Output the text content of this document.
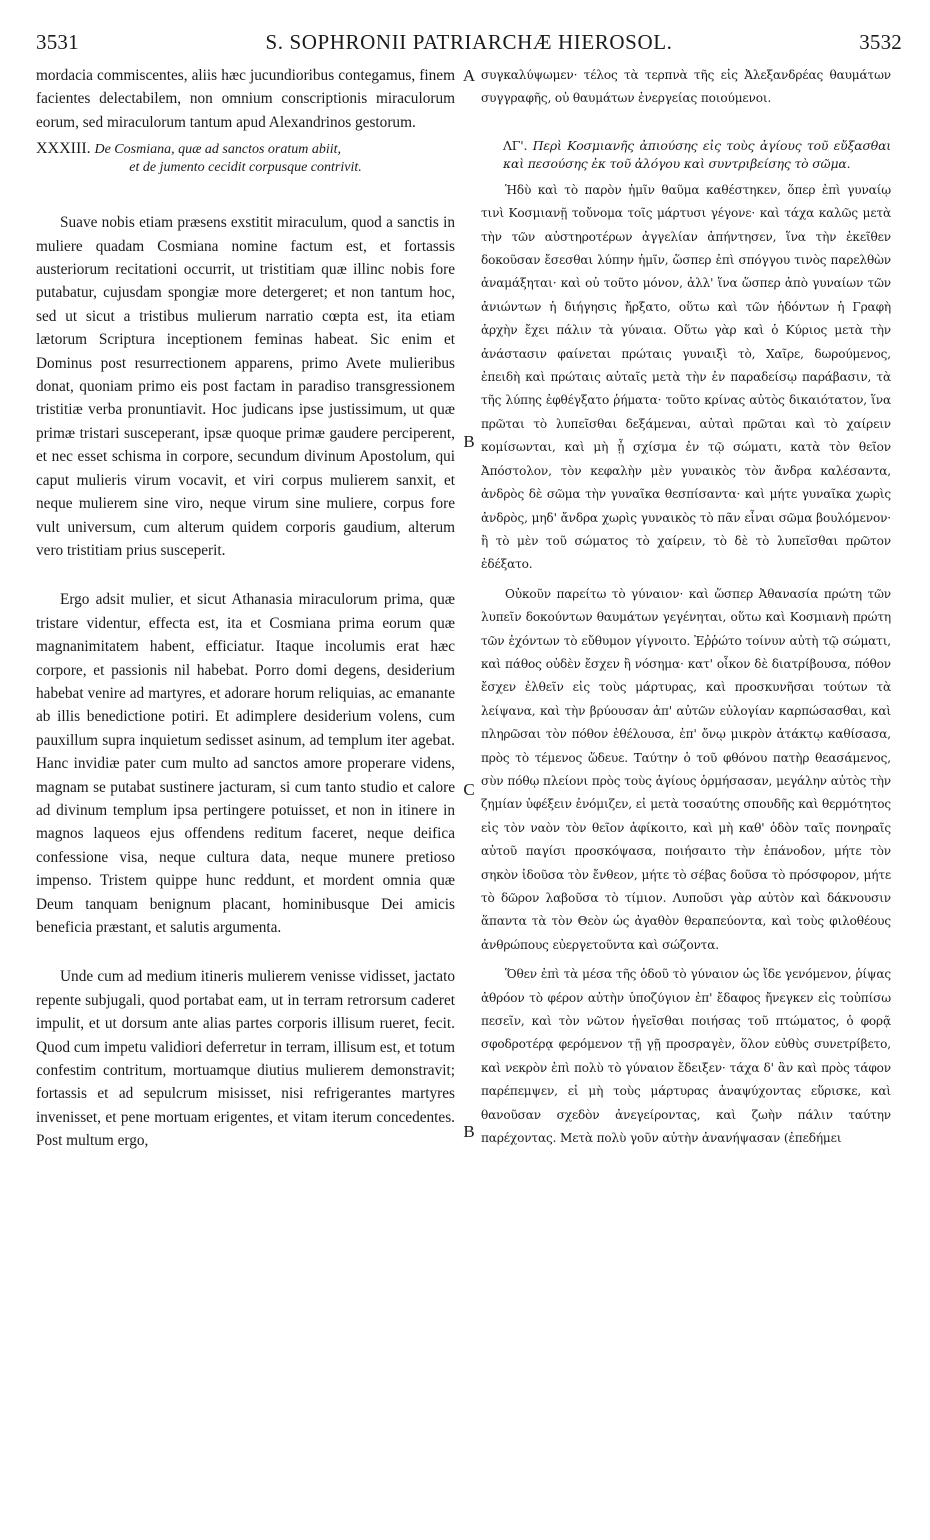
3531	S. SOPHRONII PATRIARCHÆ HIEROSOL.	3532
A
B
C
B

mordacia commiscentes, aliis hæc jucundioribus contegamus, finem facientes delectabilem, non omnium conscriptionis miraculorum eorum, sed miraculorum tantum apud Alexandrinos gestorum.

XXXIII. De Cosmiana, quæ ad sanctos oratum abiit,
et de jumento cecidit corpusque contrivit.

Suave nobis etiam præsens exstitit miraculum, quod a sanctis in muliere quadam Cosmiana nomine factum est, et fortassis austeriorum recitationi occurrit, ut tristitiam quæ illinc nobis fore putabatur, cujusdam spongiæ more detergeret; et non tantum hoc, sed ut sicut a tristibus mulierum narratio cœpta est, ita etiam lætorum Scriptura inceptionem feminas habeat. Sic enim et Dominus post resurrectionem apparens, primo Avete mulieribus donat, quoniam primo eis post factam in paradiso transgressionem tristitiæ verba pronuntiavit. Hoc judicans ipse justissimum, ut quæ primæ tristari susceperant, ipsæ quoque primæ gaudere perciperent, et nec esset schisma in corpore, secundum divinum Apostolum, qui caput mulieris virum vocavit, et viri corpus mulierem sanxit, et neque mulierem sine viro, neque virum sine muliere, corpus fore vult universum, cum alterum quidem corporis gaudium, alterum vero tristitiam prius susceperit.

Ergo adsit mulier, et sicut Athanasia miraculorum prima, quæ tristare videntur, effecta est, ita et Cosmiana prima eorum quæ magnanimitatem habent, efficiatur. Itaque incolumis erat hæc corpore, et passionis nil habebat. Porro domi degens, desiderium habebat venire ad martyres, et adorare horum reliquias, ac emanante ab illis benedictione potiri. Et adimplere desiderium volens, cum pauxillum supra inquietum sedisset asinum, ad templum iter agebat. Hanc invidiæ pater cum multo ad sanctos amore properare videns, magnam se putabat sustinere jacturam, si cum tanto studio et calore ad divinum templum ipsa pertingere potuisset, et non in itinere in magnos laqueos ejus offendens reditum faceret, neque deifica confessione visa, neque cultura data, neque munere pretioso impenso. Tristem quippe hunc reddunt, et mordent omnia quæ Deum tanquam benignum placant, hominibusque Dei amicis beneficia præstant, et salutis argumenta.

Unde cum ad medium itineris mulierem venisse vidisset, jactato repente subjugali, quod portabat eam, ut in terram retrorsum caderet impulit, et ut dorsum ante alias partes corporis illisum rueret, fecit. Quod cum impetu validiori deferretur in terram, illisum est, et totum confestim contritum, mortuamque diutius mulierem demonstravit; fortassis et ad sepulcrum misisset, nisi refrigerantes martyres invenisset, et pene mortuam erigentes, et vitam iterum concedentes. Post multum ergo,

συγκαλύψωμεν· τέλος τὰ τερπνὰ τῆς εἰς Ἀλεξανδρέας θαυμάτων συγγραφῆς, οὐ θαυμάτων ἐνεργείας ποιούμενοι.

ΛΓ'. Περὶ Κοσμιανῆς ἀπιούσης εἰς τοὺς ἁγίους τοῦ εὔξασθαι καὶ πεσούσης ἐκ τοῦ ἀλόγου καὶ συντριβείσης τὸ σῶμα.

Ἡδὺ καὶ τὸ παρὸν ἡμῖν θαῦμα καθέστηκεν, ὅπερ ἐπὶ γυναίῳ τινὶ Κοσμιανῇ τοὔνομα τοῖς μάρτυσι γέγονε· καὶ τάχα καλῶς μετὰ τὴν τῶν αὐστηροτέρων ἀγγελίαν ἀπήντησεν, ἵνα τὴν ἐκεῖθεν δοκοῦσαν ἔσεσθαι λύπην ἡμῖν, ὥσπερ ἐπὶ σπόγγου τινὸς παρελθὼν ἀναμάξηται· καὶ οὐ τοῦτο μόνον, ἀλλ' ἵνα ὥσπερ ἀπὸ γυναίων τῶν ἀνιώντων ἡ διήγησις ἤρξατο, οὕτω καὶ τῶν ἡδόντων ἡ Γραφὴ ἀρχὴν ἔχει πάλιν τὰ γύναια. Οὕτω γὰρ καὶ ὁ Κύριος μετὰ τὴν ἀνάστασιν φαίνεται πρώταις γυναιξὶ τὸ, Χαῖρε, δωρούμενος, ἐπειδὴ καὶ πρώταις αὐταῖς μετὰ τὴν ἐν παραδείσῳ παράβασιν, τὰ τῆς λύπης ἐφθέγξατο ῥήματα· τοῦτο κρίνας αὐτὸς δικαιότατον, ἵνα πρῶται τὸ λυπεῖσθαι δεξάμεναι, αὐταὶ πρῶται καὶ τὸ χαίρειν κομίσωνται, καὶ μὴ ᾖ σχίσμα ἐν τῷ σώματι, κατὰ τὸν θεῖον Ἀπόστολον, τὸν κεφαλὴν μὲν γυναικὸς τὸν ἄνδρα καλέσαντα, ἀνδρὸς δὲ σῶμα τὴν γυναῖκα θεσπίσαντα· καὶ μήτε γυναῖκα χωρὶς ἀνδρὸς, μηδ' ἄνδρα χωρὶς γυναικὸς τὸ πᾶν εἶναι σῶμα βουλόμενον· ἢ τὸ μὲν τοῦ σώματος τὸ χαίρειν, τὸ δὲ τὸ λυπεῖσθαι πρῶτον ἐδέξατο.

Οὐκοῦν παρείτω τὸ γύναιον· καὶ ὥσπερ Ἀθανασία πρώτη τῶν λυπεῖν δοκούντων θαυμάτων γεγένηται, οὕτω καὶ Κοσμιανὴ πρώτη τῶν ἐχόντων τὸ εὔθυμον γίγνοιτο. Ἐῤῥώτο τοίνυν αὐτὴ τῷ σώματι, καὶ πάθος οὐδὲν ἔσχεν ἢ νόσημα· κατ' οἶκον δὲ διατρίβουσα, πόθον ἔσχεν ἐλθεῖν εἰς τοὺς μάρτυρας, καὶ προσκυνῆσαι τούτων τὰ λείψανα, καὶ τὴν βρύουσαν ἀπ' αὐτῶν εὐλογίαν καρπώσασθαι, καὶ πληρῶσαι τὸν πόθον ἐθέλουσα, ἐπ' ὄνῳ μικρὸν ἀτάκτῳ καθίσασα, πρὸς τὸ τέμενος ὥδευε. Ταύτην ὁ τοῦ φθόνου πατὴρ θεασάμενος, σὺν πόθῳ πλείονι πρὸς τοὺς ἁγίους ὁρμήσασαν, μεγάλην αὐτὸς τὴν ζημίαν ὑφέξειν ἐνόμιζεν, εἰ μετὰ τοσαύτης σπουδῆς καὶ θερμότητος εἰς τὸν ναὸν τὸν θεῖον ἀφίκοιτο, καὶ μὴ καθ' ὁδὸν ταῖς πονηραῖς αὐτοῦ παγίσι προσκόψασα, ποιήσαιτο τὴν ἐπάνοδον, μήτε τὸν σηκὸν ἰδοῦσα τὸν ἔνθεον, μήτε τὸ σέβας δοῦσα τὸ πρόσφορον, μήτε τὸ δῶρον λαβοῦσα τὸ τίμιον. Λυποῦσι γὰρ αὐτὸν καὶ δάκνουσιν ἅπαντα τὰ τὸν Θεὸν ὡς ἀγαθὸν θεραπεύοντα, καὶ τοὺς φιλοθέους ἀνθρώπους εὐεργετοῦντα καὶ σώζοντα.

Ὅθεν ἐπὶ τὰ μέσα τῆς ὁδοῦ τὸ γύναιον ὡς ἴδε γενόμενον, ῥίψας ἀθρόον τὸ φέρον αὐτὴν ὑποζύγιον ἐπ' ἔδαφος ἤνεγκεν εἰς τοὐπίσω πεσεῖν, καὶ τὸν νῶτον ἡγεῖσθαι ποιήσας τοῦ πτώματος, ὁ φορᾷ σφοδροτέρᾳ φερόμενον τῇ γῇ προσραγὲν, ὅλον εὐθὺς συνετρίβετο, καὶ νεκρὸν ἐπὶ πολὺ τὸ γύναιον ἔδειξεν· τάχα δ' ἂν καὶ πρὸς τάφον παρέπεμψεν, εἰ μὴ τοὺς μάρτυρας ἀναψύχοντας εὕρισκε, καὶ θανοῦσαν σχεδὸν ἀνεγείροντας, καὶ ζωὴν πάλιν ταύτην παρέχοντας. Μετὰ πολὺ γοῦν αὐτὴν ἀνανήψασαν (ἐπεδήμει
